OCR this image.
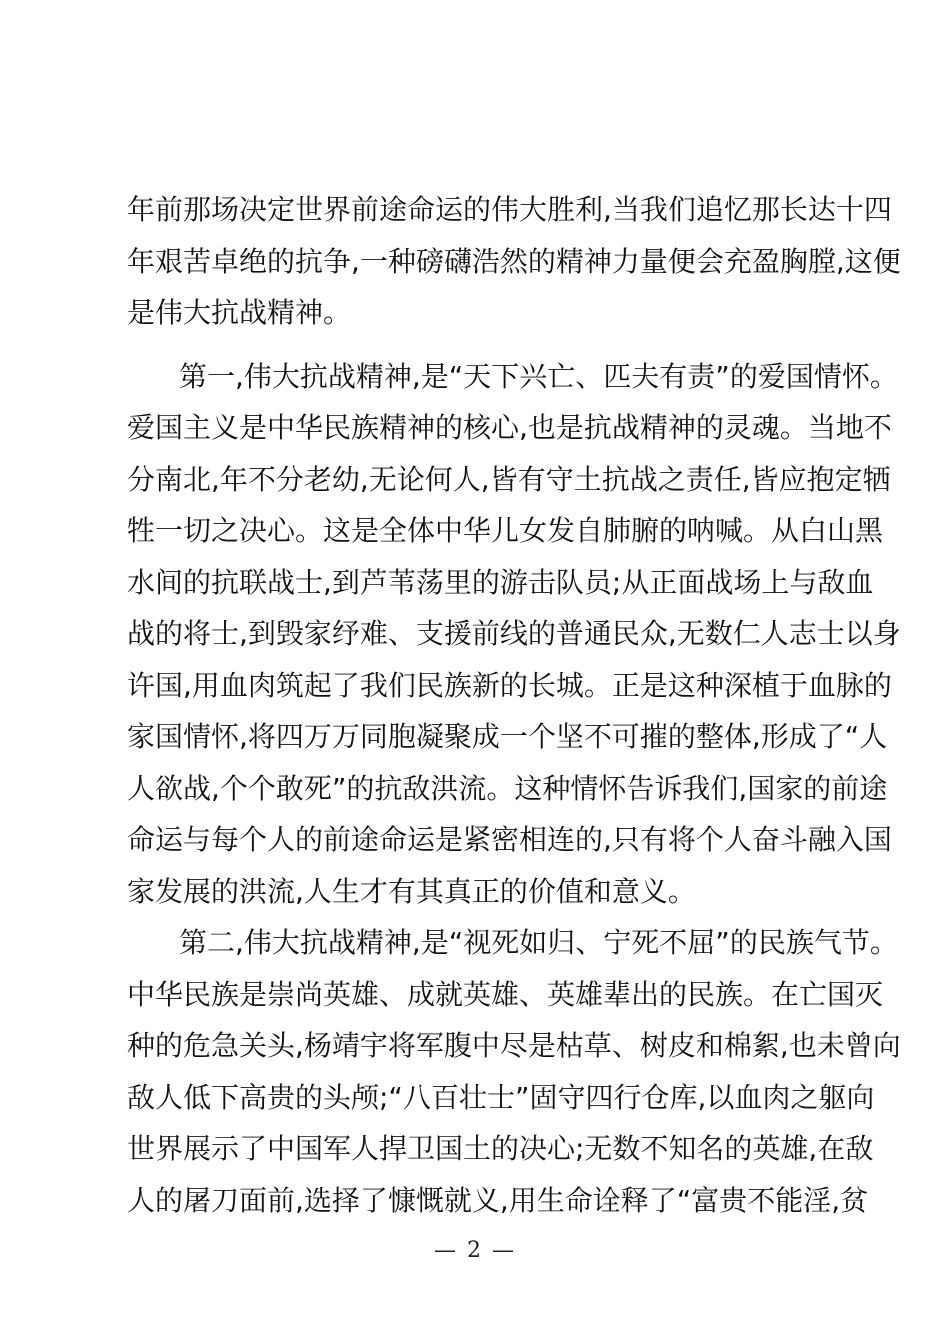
年前那场决定世界前途命运的伟大胜利,当我们追忆那长达十四
年艰苦卓绝的抗争,一种磅礴浩然的精神力量便会充盈胸膛,这便
是伟大抗战精神。
第一,伟大抗战精神,是“天下兴亡、匹夫有责”的爱国情怀。
爱国主义是中华民族精神的核心,也是抗战精神的灵魂。当地不
分南北,年不分老幼,无论何人,皆有守土抗战之责任,皆应抱定牺
牲一切之决心。这是全体中华儿女发自肺腑的呐喊。从白山黑
水间的抗联战士,到芦苇荡里的游击队员;从正面战场上与敌血
战的将士,到毁家纾难、支援前线的普通民众,无数仁人志士以身
许国,用血肉筑起了我们民族新的长城。正是这种深植于血脉的
家国情怀,将四万万同胞凝聚成一个坚不可摧的整体,形成了“人
人欲战,个个敢死”的抗敌洪流。这种情怀告诉我们,国家的前途
命运与每个人的前途命运是紧密相连的,只有将个人奋斗融入国
家发展的洪流,人生才有其真正的价值和意义。
第二,伟大抗战精神,是“视死如归、宁死不屈”的民族气节。
中华民族是崇尚英雄、成就英雄、英雄辈出的民族。在亡国灭
种的危急关头,杨靖宇将军腹中尽是枯草、树皮和棉絮,也未曾向
敌人低下高贵的头颅;“八百壮士”固守四行仓库,以血肉之躯向
世界展示了中国军人捍卫国土的决心;无数不知名的英雄,在敌
人的屠刀面前,选择了慷慨就义,用生命诠释了“富贵不能淫,贫
— 2 —
